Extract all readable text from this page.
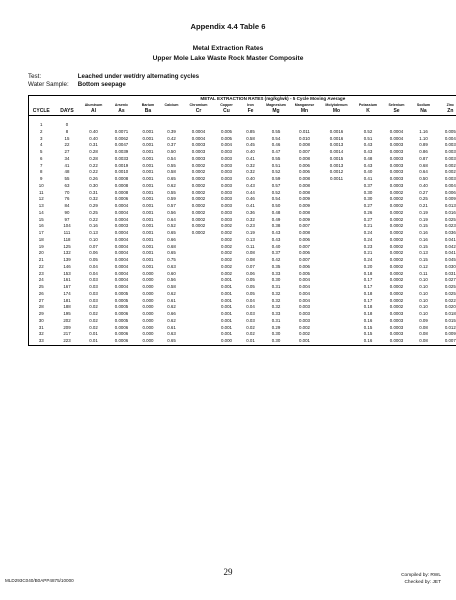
Appendix 4.4 Table 6
Metal Extraction Rates
Upper Mole Lake Waste Rock Master Composite
Test:	Leached under wet/dry alternating cycles
Water Sample: Bottom seepage
		METAL EXTRACTION RATES (mg/kg/wk) - 5 Cycle Moving Average													
		Aluminum	Arsenic	Barium	Calcium	Chromium	Copper	Iron	Magnesium	Manganese	Molybdenum	Potassium	Selenium	Sodium	Zinc
CYCLE	DAYS	Al	As	Ba		Cr	Cu	Fe	Mg	Mn	Mo	K	Se	Na	Zn
1	0														
2	8	0.40	0.0071	0.001	0.39	0.0004	0.005	0.85	0.55	0.011	0.0016	0.52	0.0004	1.16	0.005
3	15	0.40	0.0062	0.001	0.42	0.0004	0.005	0.58	0.54	0.010	0.0016	0.51	0.0004	1.10	0.004
4	22	0.31	0.0047	0.001	0.37	0.0003	0.004	0.45	0.46	0.008	0.0013	0.43	0.0003	0.89	0.003
5	27	0.28	0.0039	0.001	0.50	0.0003	0.003	0.40	0.47	0.007	0.0014	0.43	0.0003	0.86	0.003
6	34	0.28	0.0033	0.001	0.54	0.0003	0.003	0.41	0.55	0.008	0.0015	0.48	0.0003	0.87	0.003
7	41	0.22	0.0019	0.001	0.55	0.0002	0.003	0.32	0.51	0.006	0.0013	0.43	0.0003	0.68	0.002
8	48	0.22	0.0010	0.001	0.58	0.0002	0.003	0.32	0.52	0.006	0.0012	0.40	0.0003	0.64	0.002
9	55	0.26	0.0008	0.001	0.65	0.0002	0.003	0.40	0.59	0.008	0.0011	0.41	0.0003	0.50	0.003
10	63	0.30	0.0008	0.001	0.62	0.0002	0.003	0.43	0.57	0.008		0.37	0.0003	0.40	0.004
11	70	0.31	0.0008	0.001	0.55	0.0002	0.003	0.44	0.52	0.008		0.30	0.0002	0.27	0.006
12	76	0.32	0.0006	0.001	0.59	0.0002	0.003	0.46	0.54	0.009		0.30	0.0002	0.25	0.009
13	84	0.29	0.0004	0.001	0.57	0.0002	0.003	0.41	0.50	0.009		0.27	0.0002	0.21	0.013
14	90	0.25	0.0004	0.001	0.56	0.0002	0.003	0.36	0.48	0.008		0.26	0.0002	0.19	0.016
15	97	0.22	0.0004	0.001	0.64	0.0002	0.003	0.32	0.49	0.009		0.27	0.0002	0.19	0.025
16	104	0.16	0.0003	0.001	0.52	0.0002	0.002	0.23	0.38	0.007		0.21	0.0002	0.15	0.023
17	111	0.13	0.0004	0.001	0.65	0.0002	0.002	0.19	0.43	0.008		0.24	0.0002	0.16	0.036
18	118	0.10	0.0004	0.001	0.66		0.002	0.13	0.43	0.006		0.24	0.0002	0.16	0.041
19	125	0.07	0.0004	0.001	0.68		0.002	0.11	0.40	0.007		0.23	0.0002	0.15	0.042
20	132	0.06	0.0004	0.001	0.65		0.002	0.08	0.37	0.006		0.21	0.0002	0.13	0.041
21	139	0.05	0.0004	0.001	0.75		0.002	0.08	0.42	0.007		0.24	0.0002	0.15	0.045
22	146	0.04	0.0004	0.001	0.63		0.002	0.07	0.35	0.006		0.20	0.0002	0.12	0.030
23	153	0.04	0.0004	0.000	0.60		0.002	0.06	0.33	0.005		0.18	0.0002	0.11	0.031
24	161	0.03	0.0004	0.000	0.56		0.001	0.05	0.30	0.004		0.17	0.0002	0.10	0.027
25	167	0.03	0.0004	0.000	0.58		0.001	0.05	0.31	0.004		0.17	0.0002	0.10	0.025
26	174	0.03	0.0005	0.000	0.62		0.001	0.05	0.32	0.004		0.18	0.0002	0.10	0.025
27	181	0.03	0.0005	0.000	0.61		0.001	0.04	0.32	0.004		0.17	0.0002	0.10	0.022
28	188	0.02	0.0005	0.000	0.62		0.001	0.04	0.32	0.003		0.18	0.0002	0.10	0.020
29	195	0.02	0.0006	0.000	0.66		0.001	0.03	0.33	0.003		0.18	0.0003	0.10	0.018
30	202	0.02	0.0005	0.000	0.62		0.001	0.03	0.31	0.003		0.16	0.0003	0.09	0.015
31	209	0.02	0.0006	0.000	0.61		0.001	0.02	0.29	0.002		0.15	0.0003	0.08	0.012
32	217	0.01	0.0006	0.000	0.63		0.001	0.02	0.30	0.002		0.15	0.0003	0.08	0.009
33	223	0.01	0.0006	0.000	0.65		0.000	0.01	0.30	0.001		0.16	0.0003	0.08	0.007
MLD293C040/B0APP4875/10000
29	Compiled by: RWL
Checked by: JET
